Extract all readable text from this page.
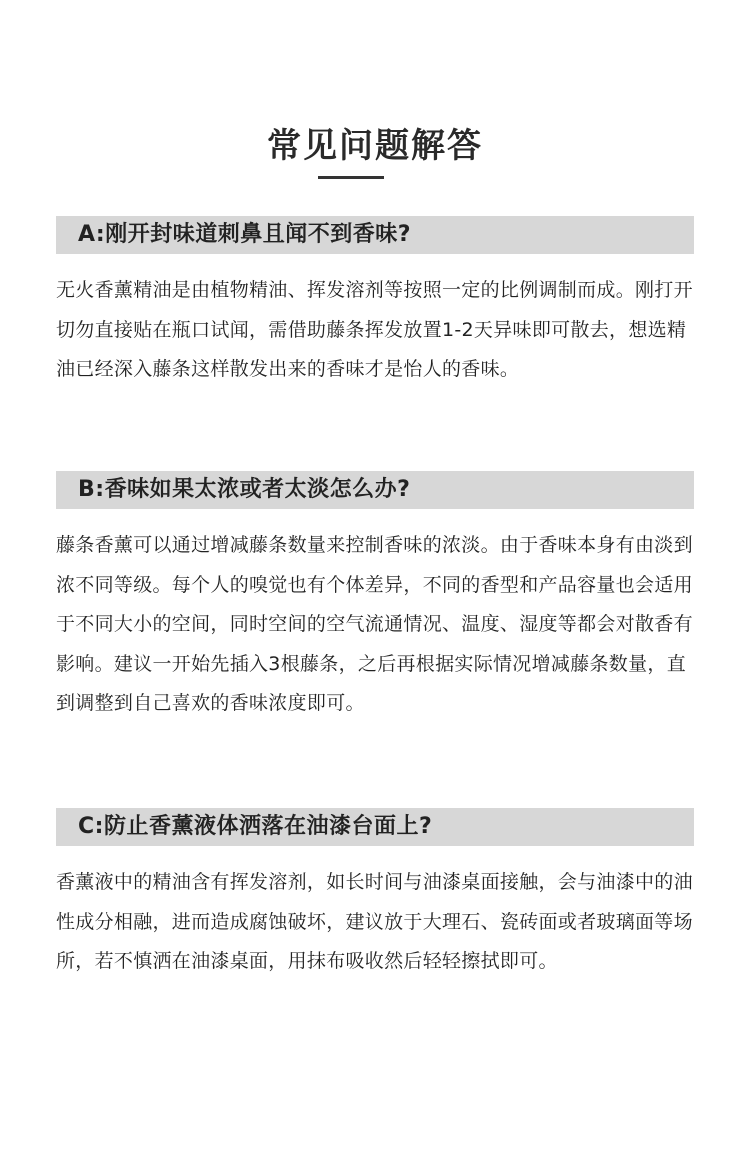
常见问题解答
A:刚开封味道刺鼻且闻不到香味?
无火香薰精油是由植物精油、挥发溶剂等按照一定的比例调制而成。刚打开切勿直接贴在瓶口试闻，需借助藤条挥发放置1-2天异味即可散去，想选精油已经深入藤条这样散发出来的香味才是怡人的香味。
B:香味如果太浓或者太淡怎么办?
藤条香薰可以通过增减藤条数量来控制香味的浓淡。由于香味本身有由淡到浓不同等级。每个人的嗅觉也有个体差异，不同的香型和产品容量也会适用于不同大小的空间，同时空间的空气流通情况、温度、湿度等都会对散香有影响。建议一开始先插入3根藤条，之后再根据实际情况增减藤条数量，直到调整到自己喜欢的香味浓度即可。
C:防止香薰液体洒落在油漆台面上?
香薰液中的精油含有挥发溶剂，如长时间与油漆桌面接触，会与油漆中的油性成分相融，进而造成腐蚀破坏，建议放于大理石、瓷砖面或者玻璃面等场所，若不慎洒在油漆桌面，用抹布吸收然后轻轻擦拭即可。
